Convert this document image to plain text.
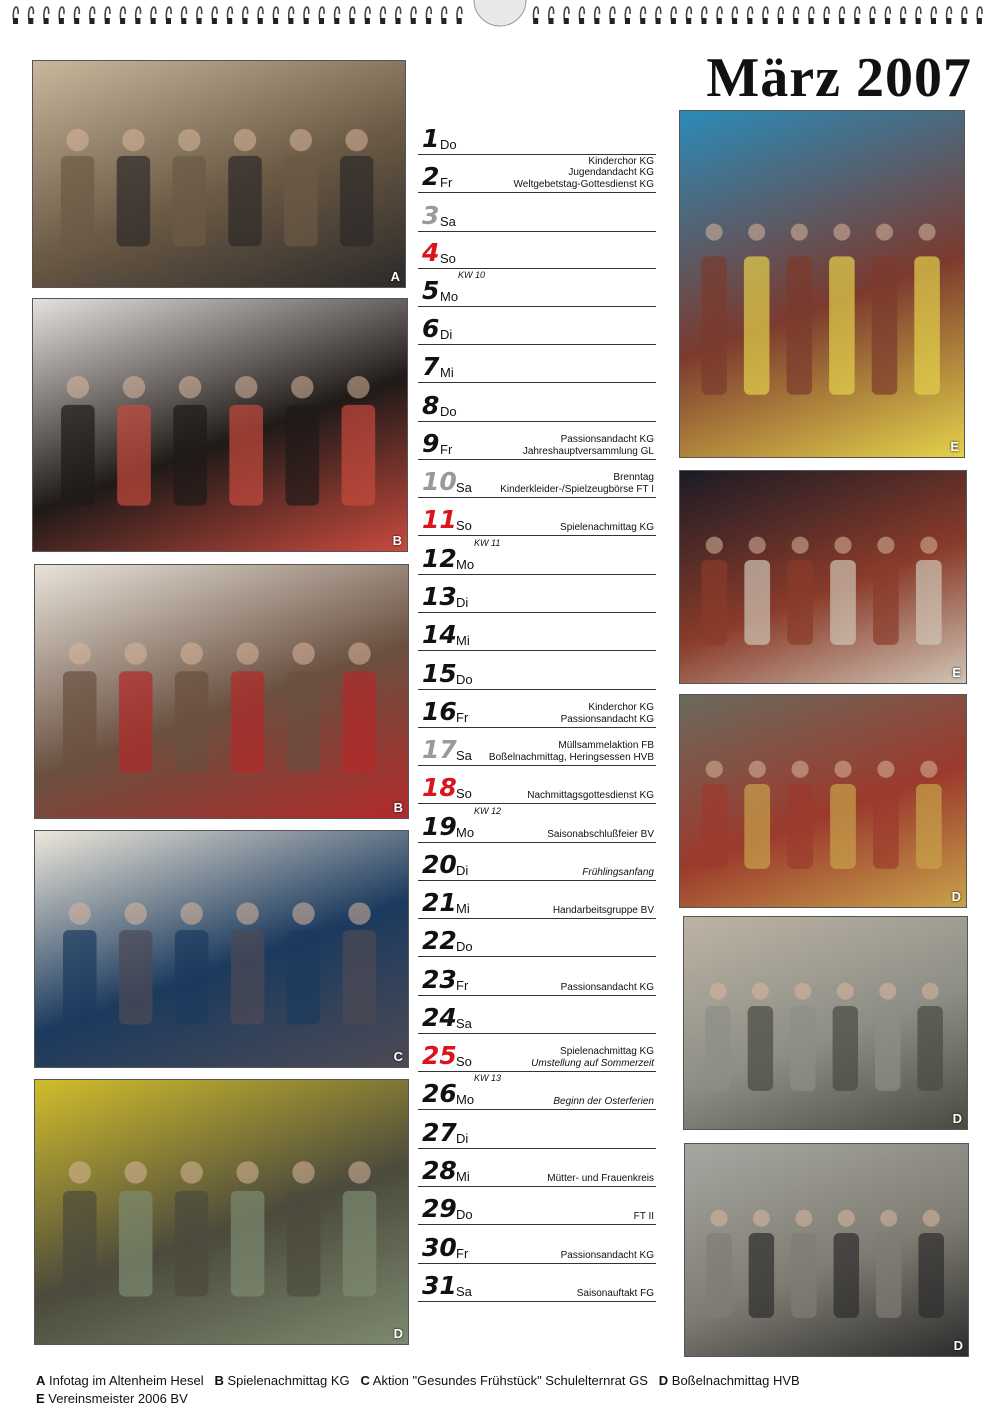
März 2007
A
B
B
C
D
E
E
D
D
D
1 Do
2 Fr
Kinderchor KG
Jugendandacht KG
Weltgebetstag-Gottesdienst KG
3 Sa
4 So
5 Mo
KW 10
6 Di
7 Mi
8 Do
9 Fr
Passionsandacht KG
Jahreshauptversammlung GL
10 Sa
Brenntag
Kinderkleider-/Spielzeugbörse FT I
11 So	Spielenachmittag KG
12 Mo
KW 11
13 Di
14 Mi
15 Do
16 Fr
Kinderchor KG
Passionsandacht KG
17 Sa
Müllsammelaktion FB
Boßelnachmittag, Heringsessen HVB
18 So	Nachmittagsgottesdienst KG
19 Mo
KW 12
Saisonabschlußfeier BV
20 Di	Frühlingsanfang
21 Mi	Handarbeitsgruppe BV
22 Do
23 Fr	Passionsandacht KG
24 Sa
25 So
Spielenachmittag KG
Umstellung auf Sommerzeit
26 Mo
KW 13
Beginn der Osterferien
27 Di
28 Mi	Mütter- und Frauenkreis
29 Do	FT II
30 Fr	Passionsandacht KG
31 Sa	Saisonauftakt FG
A Infotag im Altenheim Hesel B Spielenachmittag KG C Aktion "Gesundes Frühstück" Schulelternrat GS D Boßelnachmittag HVB
E Vereinsmeister 2006 BV
